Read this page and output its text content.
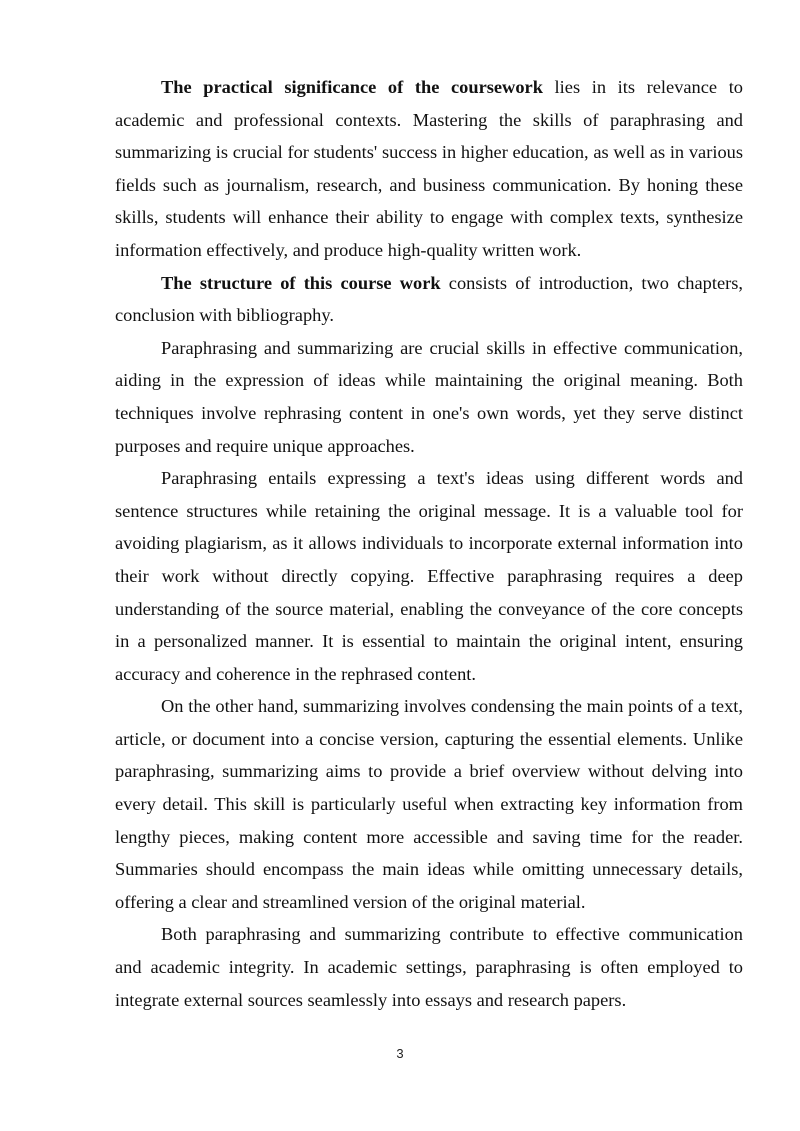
The practical significance of the coursework lies in its relevance to academic and professional contexts. Mastering the skills of paraphrasing and summarizing is crucial for students' success in higher education, as well as in various fields such as journalism, research, and business communication. By honing these skills, students will enhance their ability to engage with complex texts, synthesize information effectively, and produce high-quality written work.

The structure of this course work consists of introduction, two chapters, conclusion with bibliography.

Paraphrasing and summarizing are crucial skills in effective communication, aiding in the expression of ideas while maintaining the original meaning. Both techniques involve rephrasing content in one's own words, yet they serve distinct purposes and require unique approaches.

Paraphrasing entails expressing a text's ideas using different words and sentence structures while retaining the original message. It is a valuable tool for avoiding plagiarism, as it allows individuals to incorporate external information into their work without directly copying. Effective paraphrasing requires a deep understanding of the source material, enabling the conveyance of the core concepts in a personalized manner. It is essential to maintain the original intent, ensuring accuracy and coherence in the rephrased content.

On the other hand, summarizing involves condensing the main points of a text, article, or document into a concise version, capturing the essential elements. Unlike paraphrasing, summarizing aims to provide a brief overview without delving into every detail. This skill is particularly useful when extracting key information from lengthy pieces, making content more accessible and saving time for the reader. Summaries should encompass the main ideas while omitting unnecessary details, offering a clear and streamlined version of the original material.

Both paraphrasing and summarizing contribute to effective communication and academic integrity. In academic settings, paraphrasing is often employed to integrate external sources seamlessly into essays and research papers.

3
